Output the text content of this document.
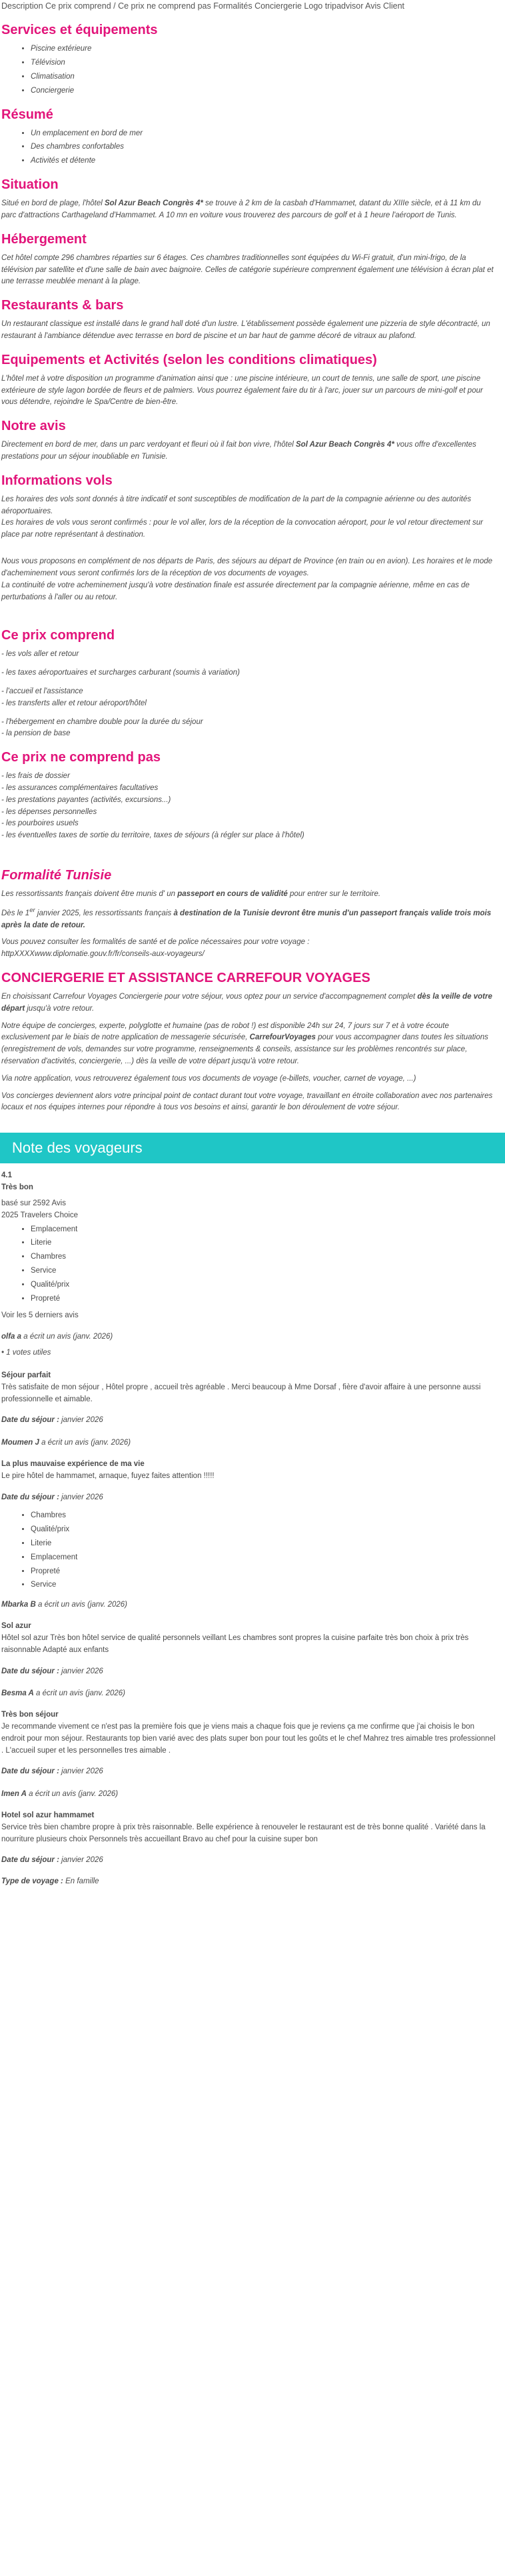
Description Ce prix comprend / Ce prix ne comprend pas Formalités Conciergerie Logo tripadvisor Avis Client
Services et équipements
• Piscine extérieure
• Télévision
• Climatisation
• Conciergerie
Résumé
• Un emplacement en bord de mer
• Des chambres confortables
• Activités et détente
Situation

Situé en bord de plage, l'hôtel Sol Azur Beach Congrès 4* se trouve à 2 km de la casbah d'Hammamet, datant du XIIIe siècle, et à 11 km du parc d'attractions Carthageland d'Hammamet. A 10 mn en voiture vous trouverez des parcours de golf et à 1 heure l'aéroport de Tunis.

Hébergement

Cet hôtel compte 296 chambres réparties sur 6 étages. Ces chambres traditionnelles sont équipées du Wi-Fi gratuit, d'un mini-frigo, de la télévision par satellite et d'une salle de bain avec baignoire. Celles de catégorie supérieure comprennent également une télévision à écran plat et une terrasse meublée menant à la plage.

Restaurants & bars

Un restaurant classique est installé dans le grand hall doté d'un lustre. L'établissement possède également une pizzeria de style décontracté, un restaurant à l'ambiance détendue avec terrasse en bord de piscine et un bar haut de gamme décoré de vitraux au plafond.

Equipements et Activités (selon les conditions climatiques)

L'hôtel met à votre disposition un programme d'animation ainsi que : une piscine intérieure, un court de tennis, une salle de sport, une piscine extérieure de style lagon bordée de fleurs et de palmiers. Vous pourrez également faire du tir à l'arc, jouer sur un parcours de mini-golf et pour vous détendre, rejoindre le Spa/Centre de bien-être.

Notre avis

Directement en bord de mer, dans un parc verdoyant et fleuri où il fait bon vivre, l'hôtel Sol Azur Beach Congrès 4* vous offre d'excellentes prestations pour un séjour inoubliable en Tunisie.

Informations vols

Les horaires des vols sont donnés à titre indicatif et sont susceptibles de modification de la part de la compagnie aérienne ou des autorités aéroportuaires.

Les horaires de vols vous seront confirmés : pour le vol aller, lors de la réception de la convocation aéroport, pour le vol retour directement sur place par notre représentant à destination.

Nous vous proposons en complément de nos départs de Paris, des séjours au départ de Province (en train ou en avion). Les horaires et le mode d'acheminement vous seront confirmés lors de la réception de vos documents de voyages.

La continuité de votre acheminement jusqu'à votre destination finale est assurée directement par la compagnie aérienne, même en cas de perturbations à l'aller ou au retour.

Ce prix comprend

- les vols aller et retour

- les taxes aéroportuaires et surcharges carburant (soumis à variation)

- l'accueil et l'assistance

- les transferts aller et retour aéroport/hôtel

- l'hébergement en chambre double pour la durée du séjour

- la pension de base

Ce prix ne comprend pas

- les frais de dossier

- les assurances complémentaires facultatives

- les prestations payantes (activités, excursions...)

- les dépenses personnelles

- les pourboires usuels

- les éventuelles taxes de sortie du territoire, taxes de séjours (à régler sur place à l'hôtel)

Formalité Tunisie

Les ressortissants français doivent être munis d' un passeport en cours de validité pour entrer sur le territoire.

Dès le 1er janvier 2025, les ressortissants français à destination de la Tunisie devront être munis d'un passeport français valide trois mois après la date de retour.

Vous pouvez consulter les formalités de santé et de police nécessaires pour votre voyage :

httpXXXXwww.diplomatie.gouv.fr/fr/conseils-aux-voyageurs/

CONCIERGERIE ET ASSISTANCE CARREFOUR VOYAGES

En choisissant Carrefour Voyages Conciergerie pour votre séjour, vous optez pour un service d'accompagnement complet dès la veille de votre départ jusqu'à votre retour.

Notre équipe de concierges, experte, polyglotte et humaine (pas de robot !) est disponible 24h sur 24, 7 jours sur 7 et à votre écoute exclusivement par le biais de notre application de messagerie sécurisée, CarrefourVoyages pour vous accompagner dans toutes les situations (enregistrement de vols, demandes sur votre programme, renseignements & conseils, assistance sur les problèmes rencontrés sur place, réservation d'activités, conciergerie, ...) dès la veille de votre départ jusqu'à votre retour.

Via notre application, vous retrouverez également tous vos documents de voyage (e-billets, voucher, carnet de voyage, ...)

Vos concierges deviennent alors votre principal point de contact durant tout votre voyage, travaillant en étroite collaboration avec nos partenaires locaux et nos équipes internes pour répondre à tous vos besoins et ainsi, garantir le bon déroulement de votre séjour.

Note des voyageurs
4.1
Très bon
basé sur 2592 Avis
2025 Travelers Choice
• Emplacement
• Literie
• Chambres
• Service
• Qualité/prix
• Propreté
Voir les 5 derniers avis

olfa a a écrit un avis (janv. 2026)

• 1 votes utiles

Séjour parfait
Très satisfaite de mon séjour , Hôtel propre , accueil très agréable . Merci beaucoup à Mme Dorsaf , fière d'avoir affaire à une personne aussi professionnelle et aimable.

Date du séjour : janvier 2026

Moumen J a écrit un avis (janv. 2026)

La plus mauvaise expérience de ma vie
Le pire hôtel de hammamet, arnaque, fuyez faites attention !!!!!

Date du séjour : janvier 2026

• Chambres
• Qualité/prix
• Literie
• Emplacement
• Propreté
• Service

Mbarka B a écrit un avis (janv. 2026)

Sol azur
Hôtel sol azur Très bon hôtel service de qualité personnels veillant Les chambres sont propres la cuisine parfaite très bon choix à prix très raisonnable Adapté aux enfants

Date du séjour : janvier 2026

Besma A a écrit un avis (janv. 2026)

Très bon séjour
Je recommande vivement ce n'est pas la première fois que je viens mais a chaque fois que je reviens ça me confirme que j'ai choisis le bon endroit pour mon séjour. Restaurants top bien varié avec des plats super bon pour tout les goûts et le chef Mahrez tres aimable tres professionnel . L'accueil super et les personnelles tres aimable .

Date du séjour : janvier 2026

Imen A a écrit un avis (janv. 2026)

Hotel sol azur hammamet
Service très bien chambre propre à prix très raisonnable. Belle expérience à renouveler le restaurant est de très bonne qualité . Variété dans la nourriture plusieurs choix Personnels très accueillant Bravo au chef pour la cuisine super bon

Date du séjour : janvier 2026

Type de voyage : En famille
